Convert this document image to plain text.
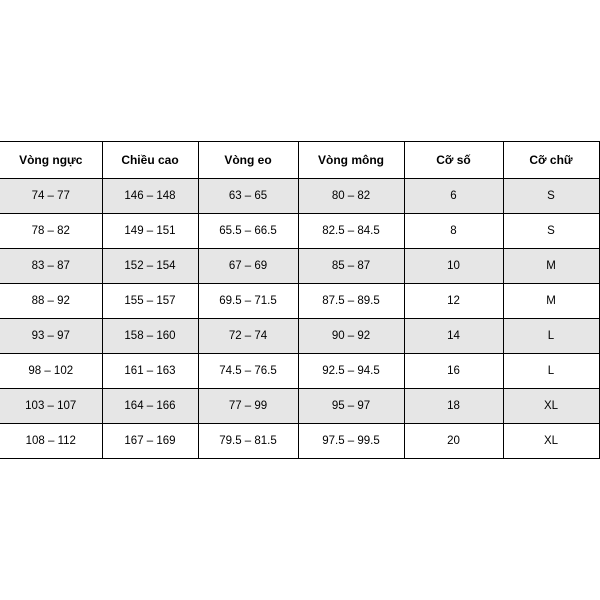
Vòng ngực	Chiều cao	Vòng eo	Vòng mông	Cỡ số	Cỡ chữ
74 – 77	146 – 148	63 – 65	80 – 82	6	S
78 – 82	149 – 151	65.5 – 66.5	82.5 – 84.5	8	S
83 – 87	152 – 154	67 – 69	85 – 87	10	M
88 – 92	155 – 157	69.5 – 71.5	87.5 – 89.5	12	M
93 – 97	158 – 160	72 – 74	90 – 92	14	L
98 – 102	161 – 163	74.5 – 76.5	92.5 – 94.5	16	L
103 – 107	164 – 166	77 – 99	95 – 97	18	XL
108 – 112	167 – 169	79.5 – 81.5	97.5 – 99.5	20	XL
